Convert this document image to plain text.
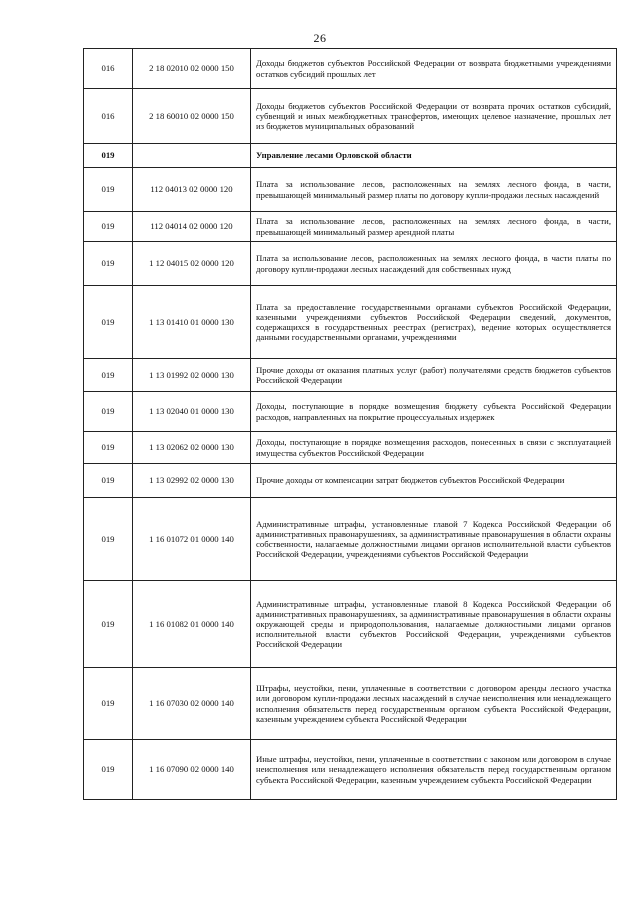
26
016	2 18 02010 02 0000 150	Доходы бюджетов субъектов Российской Федерации от возврата бюджетными учреждениями остатков субсидий прошлых лет
016	2 18 60010 02 0000 150	Доходы бюджетов субъектов Российской Федерации от возврата прочих остатков субсидий, субвенций и иных межбюджетных трансфертов, имеющих целевое назначение, прошлых лет из бюджетов муниципальных образований
019		Управление лесами Орловской области
019	112 04013 02 0000 120	Плата за использование лесов, расположенных на землях лесного фонда, в части, превышающей минимальный размер платы по договору купли-продажи лесных насаждений
019	112 04014 02 0000 120	Плата за использование лесов, расположенных на землях лесного фонда, в части, превышающей минимальный размер арендной платы
019	1 12 04015 02 0000 120	Плата за использование лесов, расположенных на землях лесного фонда, в части платы по договору купли-продажи лесных насаждений для собственных нужд
019	1 13 01410 01 0000 130	Плата за предоставление государственными органами субъектов Российской Федерации, казенными учреждениями субъектов Российской Федерации сведений, документов, содержащихся в государственных реестрах (регистрах), ведение которых осуществляется данными государственными органами, учреждениями
019	1 13 01992 02 0000 130	Прочие доходы от оказания платных услуг (работ) получателями средств бюджетов субъектов Российской Федерации
019	1 13 02040 01 0000 130	Доходы, поступающие в порядке возмещения бюджету субъекта Российской Федерации расходов, направленных на покрытие процессуальных издержек
019	1 13 02062 02 0000 130	Доходы, поступающие в порядке возмещения расходов, понесенных в связи с эксплуатацией имущества субъектов Российской Федерации
019	1 13 02992 02 0000 130	Прочие доходы от компенсации затрат бюджетов субъектов Российской Федерации
019	1 16 01072 01 0000 140	Административные штрафы, установленные главой 7 Кодекса Российской Федерации об административных правонарушениях, за административные правонарушения в области охраны собственности, налагаемые должностными лицами органов исполнительной власти субъектов Российской Федерации, учреждениями субъектов Российской Федерации
019	1 16 01082 01 0000 140	Административные штрафы, установленные главой 8 Кодекса Российской Федерации об административных правонарушениях, за административные правонарушения в области охраны окружающей среды и природопользования, налагаемые должностными лицами органов исполнительной власти субъектов Российской Федерации, учреждениями субъектов Российской Федерации
019	1 16 07030 02 0000 140	Штрафы, неустойки, пени, уплаченные в соответствии с договором аренды лесного участка или договором купли-продажи лесных насаждений в случае неисполнения или ненадлежащего исполнения обязательств перед государственным органом субъекта Российской Федерации, казенным учреждением субъекта Российской Федерации
019	1 16 07090 02 0000 140	Иные штрафы, неустойки, пени, уплаченные в соответствии с законом или договором в случае неисполнения или ненадлежащего исполнения обязательств перед государственным органом субъекта Российской Федерации, казенным учреждением субъекта Российской Федерации
